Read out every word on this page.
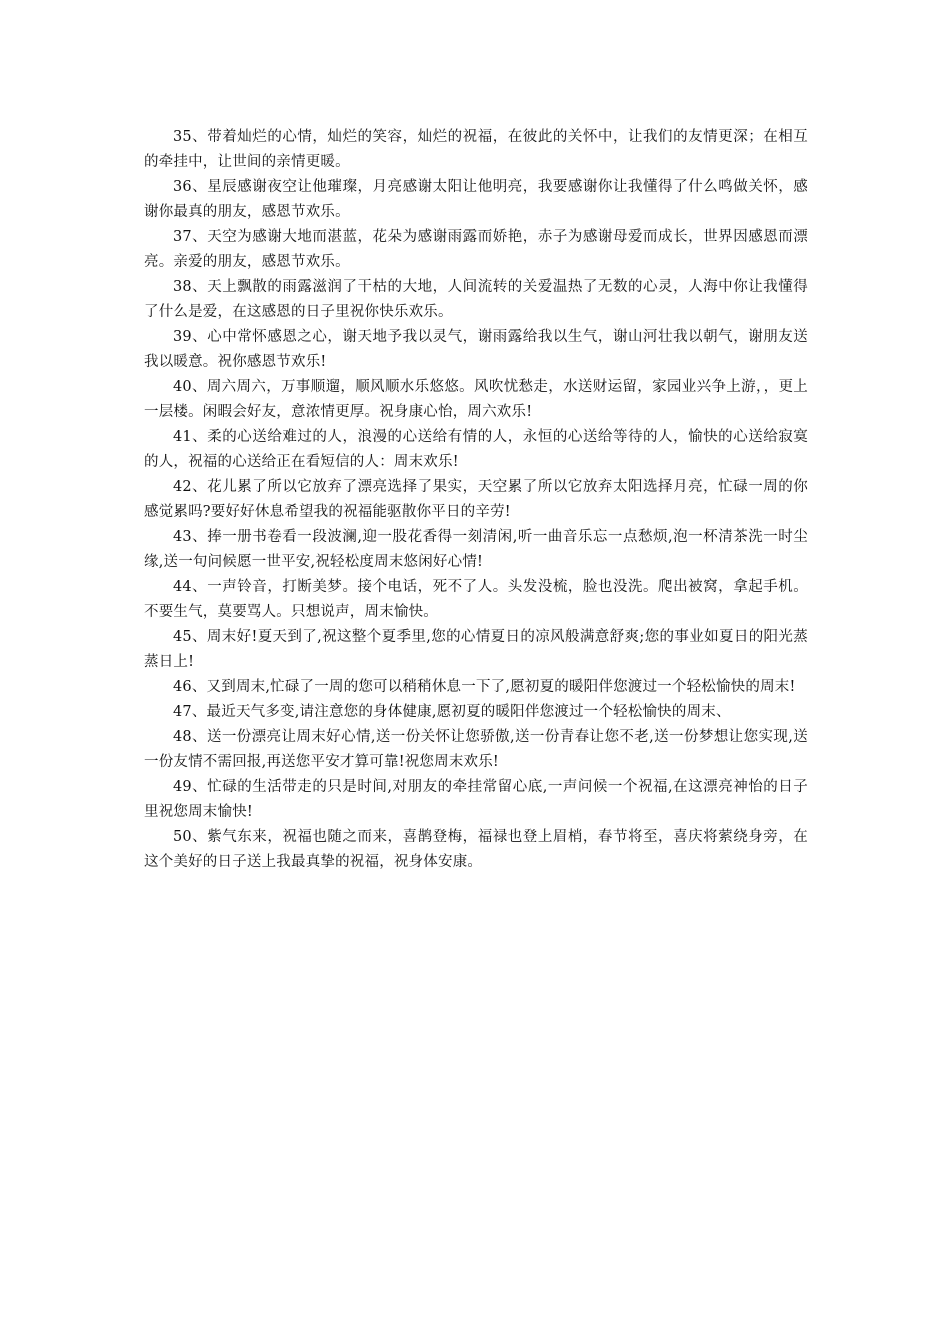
35、带着灿烂的心情，灿烂的笑容，灿烂的祝福，在彼此的关怀中，让我们的友情更深；在相互的牵挂中，让世间的亲情更暖。

36、星辰感谢夜空让他璀璨，月亮感谢太阳让他明亮，我要感谢你让我懂得了什么鸣做关怀，感谢你最真的朋友，感恩节欢乐。

37、天空为感谢大地而湛蓝，花朵为感谢雨露而娇艳，赤子为感谢母爱而成长，世界因感恩而漂亮。亲爱的朋友，感恩节欢乐。

38、天上飘散的雨露滋润了干枯的大地，人间流转的关爱温热了无数的心灵，人海中你让我懂得了什么是爱，在这感恩的日子里祝你快乐欢乐。

39、心中常怀感恩之心，谢天地予我以灵气，谢雨露给我以生气，谢山河壮我以朝气，谢朋友送我以暖意。祝你感恩节欢乐!

40、周六周六，万事顺遛，顺风顺水乐悠悠。风吹忧愁走，水送财运留，家园业兴争上游，，更上一层楼。闲暇会好友，意浓情更厚。祝身康心怡，周六欢乐!

41、柔的心送给难过的人，浪漫的心送给有情的人，永恒的心送给等待的人，愉快的心送给寂寞的人，祝福的心送给正在看短信的人：周末欢乐!

42、花儿累了所以它放弃了漂亮选择了果实，天空累了所以它放弃太阳选择月亮，忙碌一周的你感觉累吗?要好好休息希望我的祝福能驱散你平日的辛劳!

43、捧一册书卷看一段波澜,迎一股花香得一刻清闲,听一曲音乐忘一点愁烦,泡一杯清茶洗一时尘缘,送一句问候愿一世平安,祝轻松度周末悠闲好心情!

44、一声铃音，打断美梦。接个电话，死不了人。头发没梳，脸也没洗。爬出被窝，拿起手机。不要生气，莫要骂人。只想说声，周末愉快。

45、周末好!夏天到了,祝这整个夏季里,您的心情夏日的凉风般满意舒爽;您的事业如夏日的阳光蒸蒸日上!

46、又到周末,忙碌了一周的您可以稍稍休息一下了,愿初夏的暖阳伴您渡过一个轻松愉快的周末!

47、最近天气多变,请注意您的身体健康,愿初夏的暖阳伴您渡过一个轻松愉快的周末、

48、送一份漂亮让周末好心情,送一份关怀让您骄傲,送一份青春让您不老,送一份梦想让您实现,送一份友情不需回报,再送您平安才算可靠!祝您周末欢乐!

49、忙碌的生活带走的只是时间,对朋友的牵挂常留心底,一声问候一个祝福,在这漂亮神怡的日子里祝您周末愉快!

50、紫气东来，祝福也随之而来，喜鹊登梅，福禄也登上眉梢，春节将至，喜庆将萦绕身旁，在这个美好的日子送上我最真挚的祝福，祝身体安康。
